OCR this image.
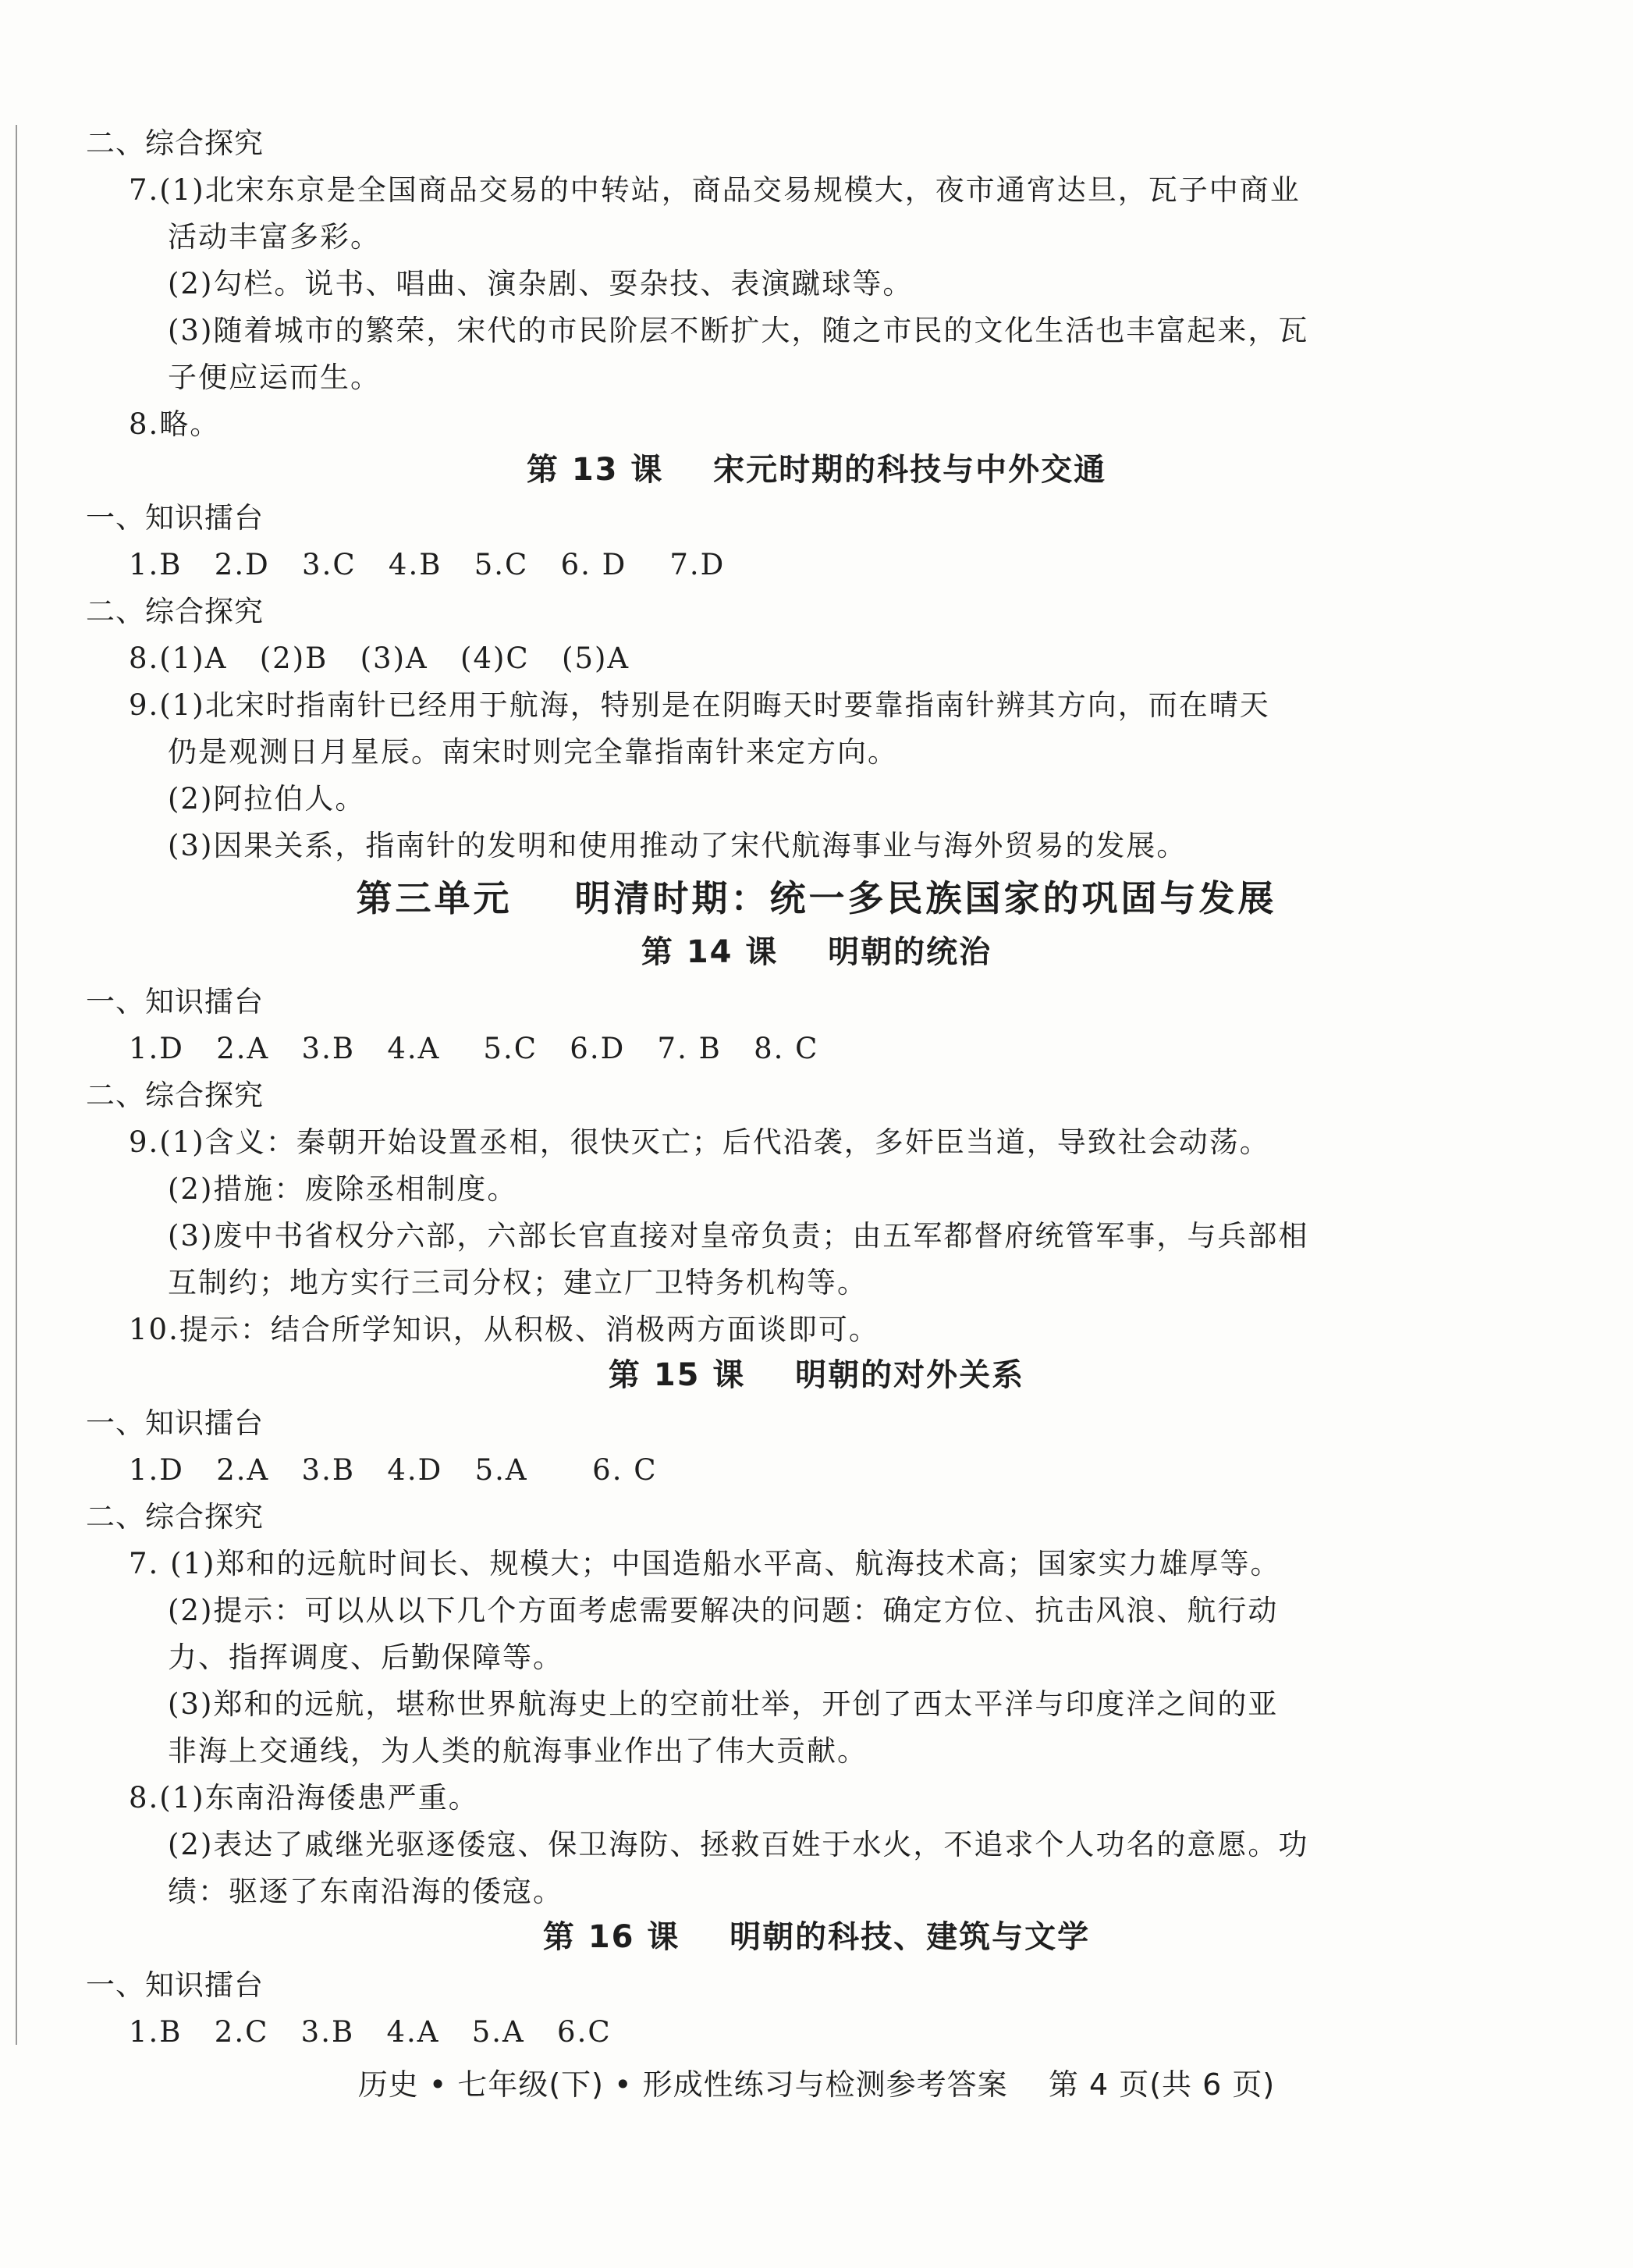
二、综合探究
7.(1)北宋东京是全国商品交易的中转站，商品交易规模大，夜市通宵达旦，瓦子中商业
活动丰富多彩。
(2)勾栏。说书、唱曲、演杂剧、耍杂技、表演蹴球等。
(3)随着城市的繁荣，宋代的市民阶层不断扩大，随之市民的文化生活也丰富起来，瓦
子便应运而生。
8.略。
一、知识擂台
1.B   2.D   3.C   4.B   5.C   6. D    7.D
二、综合探究
8.(1)A   (2)B   (3)A   (4)C   (5)A
9.(1)北宋时指南针已经用于航海，特别是在阴晦天时要靠指南针辨其方向，而在晴天
仍是观测日月星辰。南宋时则完全靠指南针来定方向。
(2)阿拉伯人。
(3)因果关系，指南针的发明和使用推动了宋代航海事业与海外贸易的发展。
一、知识擂台
1.D   2.A   3.B   4.A    5.C   6.D   7. B   8. C
二、综合探究
9.(1)含义：秦朝开始设置丞相，很快灭亡；后代沿袭，多奸臣当道，导致社会动荡。
(2)措施：废除丞相制度。
(3)废中书省权分六部，六部长官直接对皇帝负责；由五军都督府统管军事，与兵部相
互制约；地方实行三司分权；建立厂卫特务机构等。
10.提示：结合所学知识，从积极、消极两方面谈即可。
一、知识擂台
1.D   2.A   3.B   4.D   5.A      6. C
二、综合探究
7. (1)郑和的远航时间长、规模大；中国造船水平高、航海技术高；国家实力雄厚等。
(2)提示：可以从以下几个方面考虑需要解决的问题：确定方位、抗击风浪、航行动
力、指挥调度、后勤保障等。
(3)郑和的远航，堪称世界航海史上的空前壮举，开创了西太平洋与印度洋之间的亚
非海上交通线，为人类的航海事业作出了伟大贡献。
8.(1)东南沿海倭患严重。
(2)表达了戚继光驱逐倭寇、保卫海防、拯救百姓于水火，不追求个人功名的意愿。功
绩：驱逐了东南沿海的倭寇。
一、知识擂台
1.B   2.C   3.B   4.A   5.A   6.C
第 13 课    宋元时期的科技与中外交通
第三单元    明清时期：统一多民族国家的巩固与发展
第 14 课    明朝的统治
第 15 课    明朝的对外关系
第 16 课    明朝的科技、建筑与文学
历史 • 七年级(下) • 形成性练习与检测参考答案    第 4 页(共 6 页)
